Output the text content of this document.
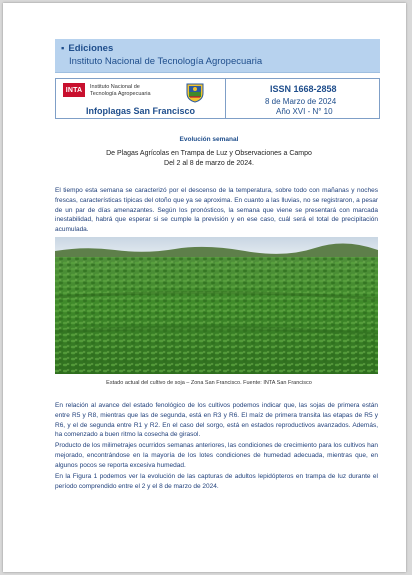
▪ Ediciones
Instituto Nacional de Tecnología Agropecuaria
INTA	Instituto Nacional de
Tecnología Agropecuaria
Infoplagas San Francisco
ISSN 1668-2858
8 de Marzo de 2024
Año XVI - N° 10
Evolución semanal
De Plagas Agrícolas en Trampa de Luz y Observaciones a Campo
Del 2 al 8 de marzo de 2024.
El tiempo esta semana se caracterizó por el descenso de la temperatura, sobre todo con mañanas y noches frescas, características típicas del otoño que ya se aproxima. En cuanto a las lluvias, no se registraron, a pesar de un par de días amenazantes. Según los pronósticos, la semana que viene se presentará con marcada inestabilidad, habrá que esperar si se cumple la previsión y en ese caso, cuál será el total de precipitación acumulada.
Estado actual del cultivo de soja – Zona San Francisco. Fuente: INTA San Francisco
En relación al avance del estado fenológico de los cultivos podemos indicar que, las sojas de primera están entre R5 y R8, mientras que las de segunda, está en R3 y R6. El maíz de primera transita las etapas de R5 y R6, y el de segunda entre R1 y R2. En el caso del sorgo, está en estados reproductivos avanzados. Además, ha comenzado a buen ritmo la cosecha de girasol.
Producto de los milimetrajes ocurridos semanas anteriores, las condiciones de crecimiento para los cultivos han mejorado, encontrándose en la mayoría de los lotes condiciones de humedad adecuada, mientras que, en algunos pocos se reporta excesiva humedad.
En la Figura 1 podemos ver la evolución de las capturas de adultos lepidópteros en trampa de luz durante el período comprendido entre el 2 y el 8 de marzo de 2024.
